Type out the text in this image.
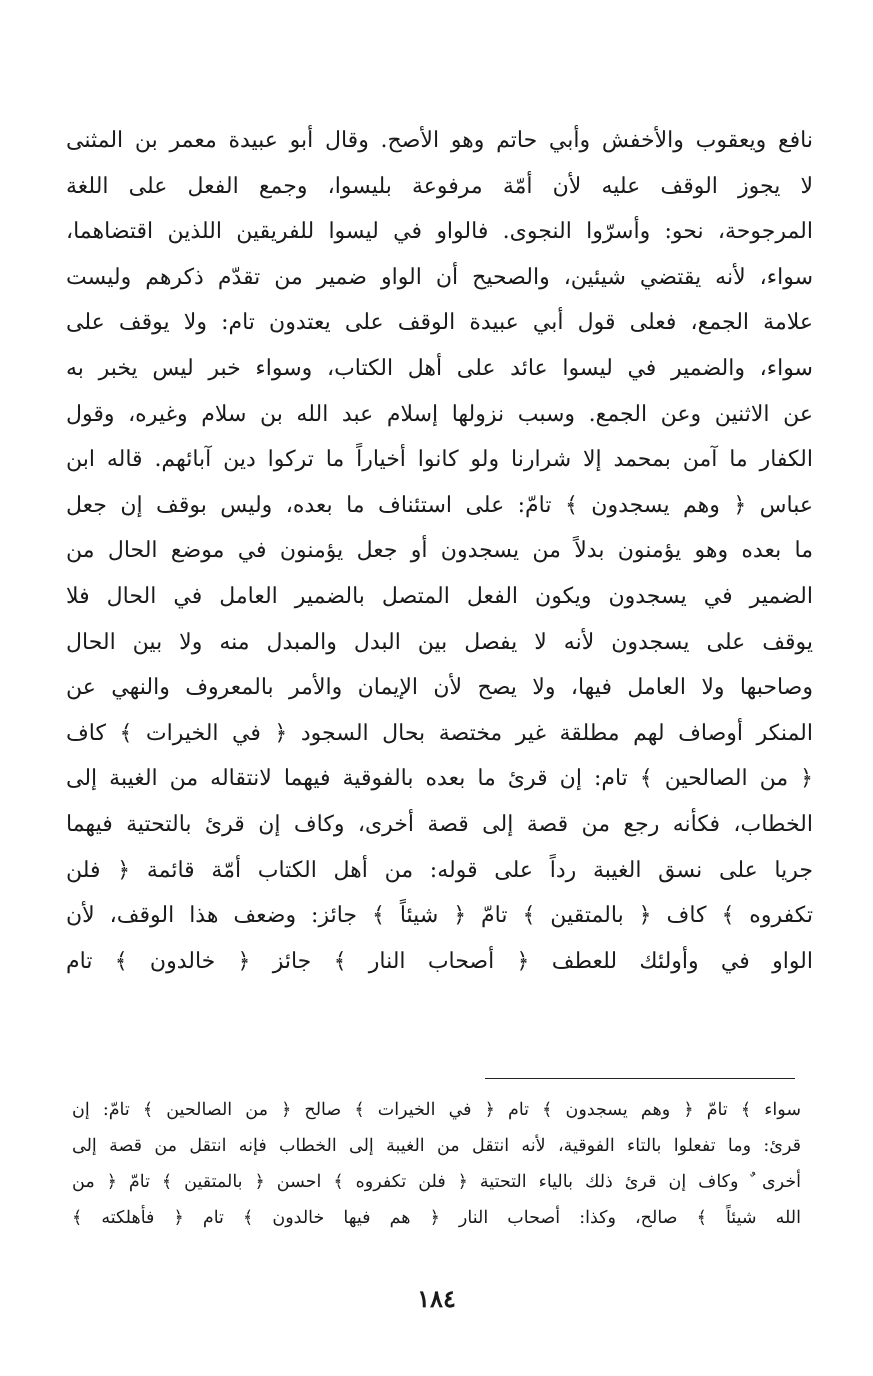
نافع ويعقوب والأخفش وأبي حاتم وهو الأصح. وقال أبو عبيدة معمر بن المثنى
لا يجوز الوقف عليه لأن أمّة مرفوعة بليسوا، وجمع الفعل على اللغة
المرجوحة، نحو: وأسرّوا النجوى. فالواو في ليسوا للفريقين اللذين اقتضاهما،
سواء، لأنه يقتضي شيئين، والصحيح أن الواو ضمير من تقدّم ذكرهم وليست
علامة الجمع، فعلى قول أبي عبيدة الوقف على يعتدون تام: ولا يوقف على
سواء، والضمير في ليسوا عائد على أهل الكتاب، وسواء خبر ليس يخبر به
عن الاثنين وعن الجمع. وسبب نزولها إسلام عبد الله بن سلام وغيره، وقول
الكفار ما آمن بمحمد إلا شرارنا ولو كانوا أخياراً ما تركوا دين آبائهم. قاله ابن
عباس ﴿ وهم يسجدون ﴾ تامّ: على استئناف ما بعده، وليس بوقف إن جعل
ما بعده وهو يؤمنون بدلاً من يسجدون أو جعل يؤمنون في موضع الحال من
الضمير في يسجدون ويكون الفعل المتصل بالضمير العامل في الحال فلا
يوقف على يسجدون لأنه لا يفصل بين البدل والمبدل منه ولا بين الحال
وصاحبها ولا العامل فيها، ولا يصح لأن الإيمان والأمر بالمعروف والنهي عن
المنكر أوصاف لهم مطلقة غير مختصة بحال السجود ﴿ في الخيرات ﴾ كاف
﴿ من الصالحين ﴾ تام: إن قرئ ما بعده بالفوقية فيهما لانتقاله من الغيبة إلى
الخطاب، فكأنه رجع من قصة إلى قصة أخرى، وكاف إن قرئ بالتحتية فيهما
جريا على نسق الغيبة رداً على قوله: من أهل الكتاب أمّة قائمة ﴿ فلن
تكفروه ﴾ كاف ﴿ بالمتقين ﴾ تامّ ﴿ شيئاً ﴾ جائز: وضعف هذا الوقف، لأن
الواو في وأولئك للعطف ﴿ أصحاب النار ﴾ جائز ﴿ خالدون ﴾ تام
سواء ﴾ تامّ ﴿ وهم يسجدون ﴾ تام ﴿ في الخيرات ﴾ صالح ﴿ من الصالحين ﴾ تامّ: إن
قرئ: وما تفعلوا بالتاء الفوقية، لأنه انتقل من الغيبة إلى الخطاب فإنه انتقل من قصة إلى
أخرى ٌ وكاف إن قرئ ذلك بالياء التحتية ﴿ فلن تكفروه ﴾ احسن ﴿ بالمتقين ﴾ تامّ ﴿ من
الله شيئاً ﴾ صالح، وكذا: أصحاب النار ﴿ هم فيها خالدون ﴾ تام ﴿ فأهلكته ﴾
١٨٤
